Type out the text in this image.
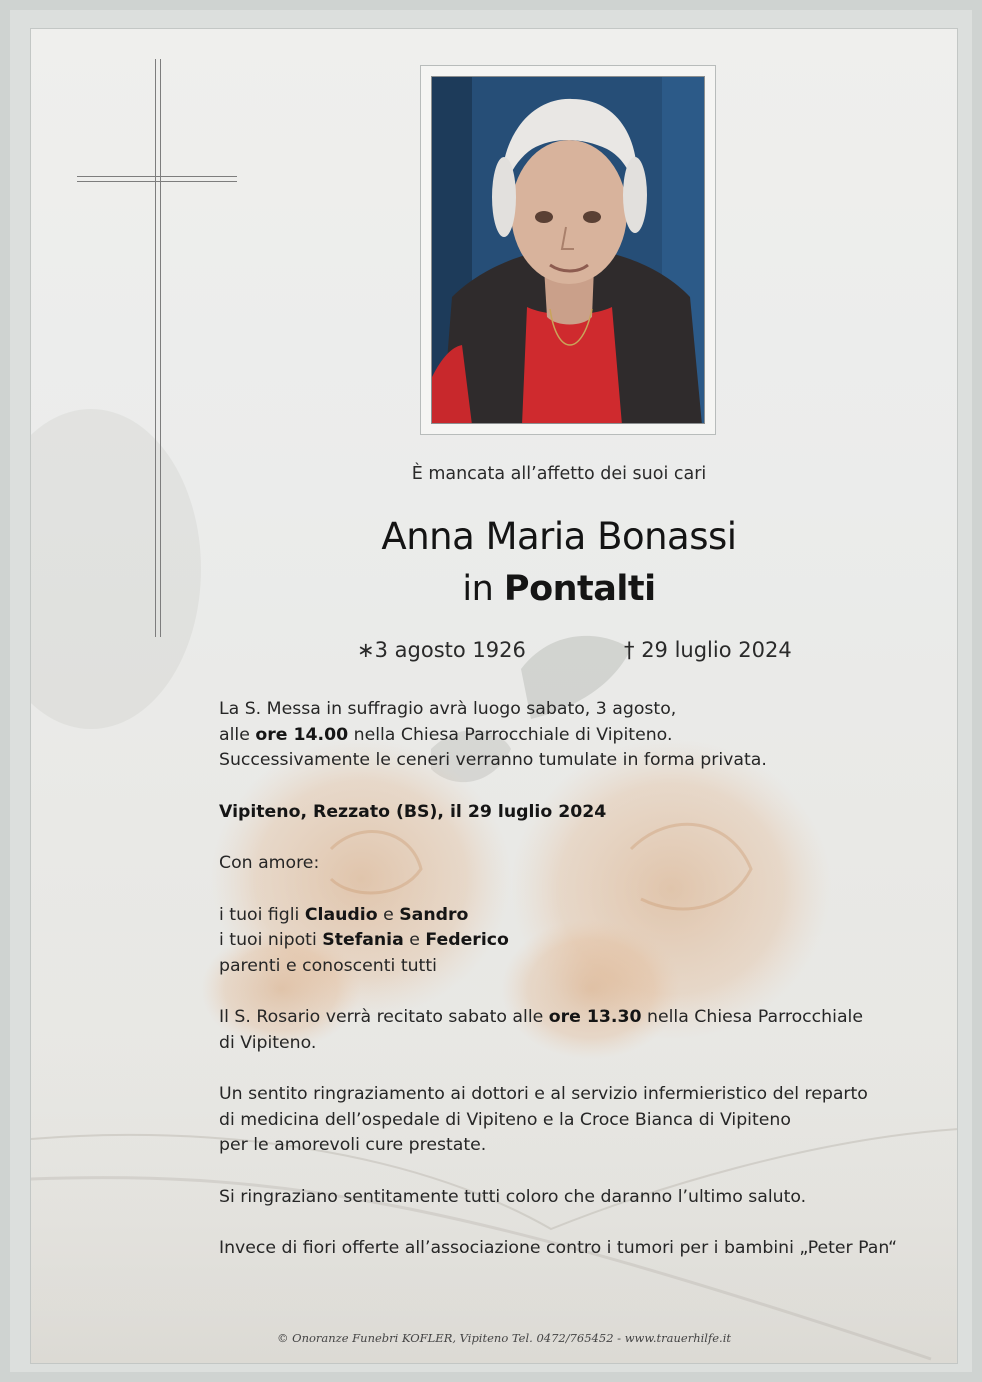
È mancata all’affetto dei suoi cari
Anna Maria Bonassi
in Pontalti
∗3 agosto 1926	† 29 luglio 2024

La S. Messa in suffragio avrà luogo sabato, 3 agosto,

alle ore 14.00 nella Chiesa Parrocchiale di Vipiteno.

Successivamente le ceneri verranno tumulate in forma privata.

Vipiteno, Rezzato (BS), il 29 luglio 2024

Con amore:

i tuoi figli Claudio e Sandro

i tuoi nipoti Stefania e Federico

parenti e conoscenti tutti

Il S. Rosario verrà recitato sabato alle ore 13.30 nella Chiesa Parrocchiale

di Vipiteno.

Un sentito ringraziamento ai dottori e al servizio infermieristico del reparto

di medicina dell’ospedale di Vipiteno e la Croce Bianca di Vipiteno

per le amorevoli cure prestate.

Si ringraziano sentitamente tutti coloro che daranno l’ultimo saluto.

Invece di fiori offerte all’associazione contro i tumori per i bambini „Peter Pan“

© Onoranze Funebri KOFLER, Vipiteno Tel. 0472/765452 - www.trauerhilfe.it
